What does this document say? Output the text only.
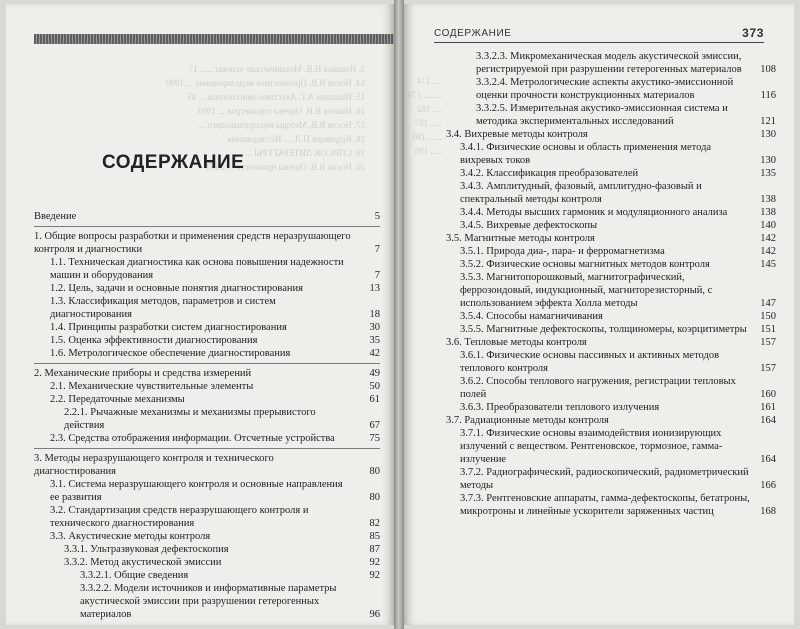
3. Новиков Н.В. Механические основы ...... 17
14. Носов В.В. Прочностное моделирование ... 1990
15. Ивашкин А.Г. Акустико-эмиссионная ... 45
16. Иванов В.И. Оценка параметров ... 1993
17. Носов В.В. Методы неразрушающего ...
18. Кудрявцев П.Л. ... Исследования
19. СПИСОК ЛИТЕРАТУРЫ ...
20. Носов В.В. Оценка прочности ... 2003
СОДЕРЖАНИЕ
Введение	5
1. Общие вопросы разработки и применения средств неразрушающего контроля и диагностики	7
1.1. Техническая диагностика как основа повышения надежности машин и оборудования	7
1.2. Цель, задачи и основные понятия диагностирования	13
1.3. Классификация методов, параметров и систем диагностирования	18
1.4. Принципы разработки систем диагностирования	30
1.5. Оценка эффективности диагностирования	35
1.6. Метрологическое обеспечение диагностирования	42
2. Механические приборы и средства измерений	49
2.1. Механические чувствительные элементы	50
2.2. Передаточные механизмы	61
2.2.1. Рычажные механизмы и механизмы прерывистого действия	67
2.3. Средства отображения информации. Отсчетные устройства	75
3. Методы неразрушающего контроля и технического диагностирования	80
3.1. Система неразрушающего контроля и основные направления ее развития	80
3.2. Стандартизация средств неразрушающего контроля и технического диагностирования	82
3.3. Акустические методы контроля	85
3.3.1. Ультразвуковая дефектоскопия	87
3.3.2. Метод акустической эмиссии	92
3.3.2.1. Общие сведения	92
3.3.2.2. Модели источников и информативные параметры акустической эмиссии при разрушении гетерогенных материалов	96
.... 174
........ 179
.... 182
..... 187
...... 190
..... 195
СОДЕРЖАНИЕ	373
3.3.2.3. Микромеханическая модель акустической эмиссии, регистрируемой при разрушении гетерогенных материалов	108
3.3.2.4. Метрологические аспекты акустико-эмиссионной оценки прочности конструкционных материалов	116
3.3.2.5. Измерительная акустико-эмиссионная система и методика экспериментальных исследований	121
3.4. Вихревые методы контроля	130
3.4.1. Физические основы и область применения метода вихревых токов	130
3.4.2. Классификация преобразователей	135
3.4.3. Амплитудный, фазовый, амплитудно-фазовый и спектральный методы контроля	138
3.4.4. Методы высших гармоник и модуляционного анализа	138
3.4.5. Вихревые дефектоскопы	140
3.5. Магнитные методы контроля	142
3.5.1. Природа диа-, пара- и ферромагнетизма	142
3.5.2. Физические основы магнитных методов контроля	145
3.5.3. Магнитопорошковый, магнитографический, феррозондовый, индукционный, магниторезисторный, с использованием эффекта Холла методы	147
3.5.4. Способы намагничивания	150
3.5.5. Магнитные дефектоскопы, толщиномеры, коэрцитиметры	151
3.6. Тепловые методы контроля	157
3.6.1. Физические основы пассивных и активных методов теплового контроля	157
3.6.2. Способы теплового нагружения, регистрации тепловых полей	160
3.6.3. Преобразователи теплового излучения	161
3.7. Радиационные методы контроля	164
3.7.1. Физические основы взаимодействия ионизирующих излучений с веществом. Рентгеновское, тормозное, гамма-излучение	164
3.7.2. Радиографический, радиоскопический, радиометрический методы	166
3.7.3. Рентгеновские аппараты, гамма-дефектоскопы, бетатроны, микротроны и линейные ускорители заряженных частиц	168
